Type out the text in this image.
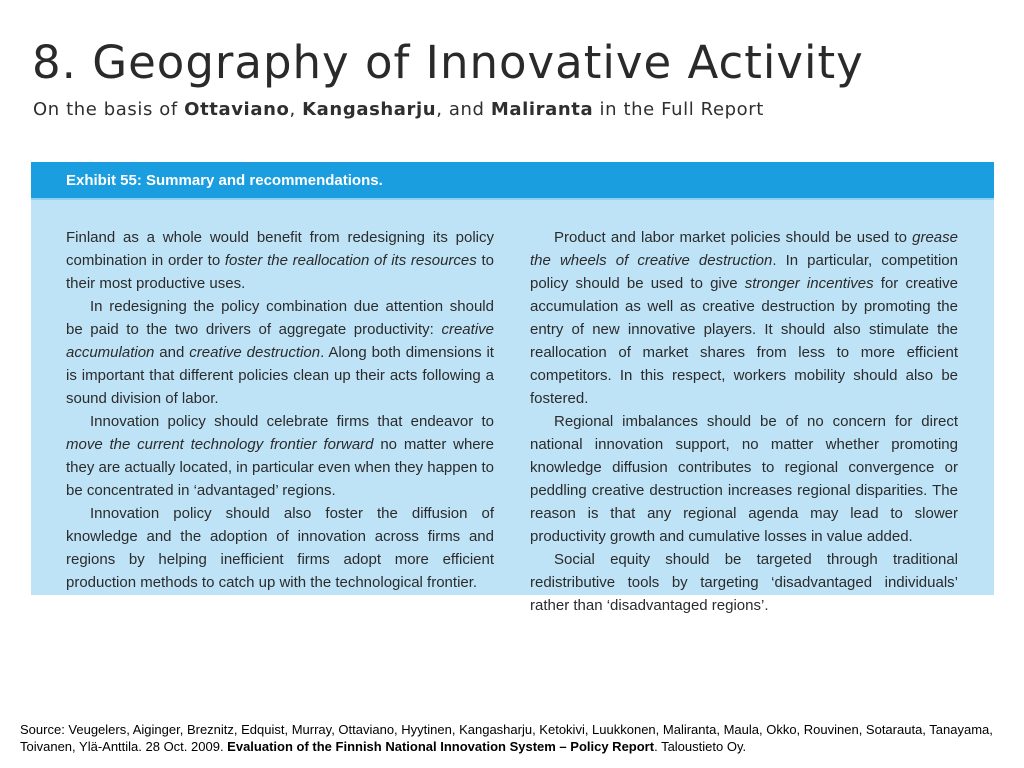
8. Geography of Innovative Activity
On the basis of Ottaviano, Kangasharju, and Maliranta in the Full Report
Exhibit 55: Summary and recommendations.

Finland as a whole would benefit from redesigning its policy combination in order to foster the reallocation of its resources to their most productive uses.

In redesigning the policy combination due attention should be paid to the two drivers of aggregate productivity: creative accumulation and creative destruction. Along both dimensions it is important that different policies clean up their acts following a sound division of labor.

Innovation policy should celebrate firms that endeavor to move the current technology frontier forward no matter where they are actually located, in particular even when they happen to be concentrated in ‘advantaged’ regions.

Innovation policy should also foster the diffusion of knowledge and the adoption of innovation across firms and regions by helping inefficient firms adopt more efficient production methods to catch up with the technological frontier.

Product and labor market policies should be used to grease the wheels of creative destruction. In particular, competition policy should be used to give stronger incentives for creative accumulation as well as creative destruction by promoting the entry of new innovative players. It should also stimulate the reallocation of market shares from less to more efficient competitors. In this respect, workers mobility should also be fostered.

Regional imbalances should be of no concern for direct national innovation support, no matter whether promoting knowledge diffusion contributes to regional convergence or peddling creative destruction increases regional disparities. The reason is that any regional agenda may lead to slower productivity growth and cumulative losses in value added.

Social equity should be targeted through traditional redistributive tools by targeting ‘disadvantaged individuals’ rather than ‘disadvantaged regions’.

Source: Veugelers, Aiginger, Breznitz, Edquist, Murray, Ottaviano, Hyytinen, Kangasharju, Ketokivi, Luukkonen, Maliranta, Maula, Okko, Rouvinen, Sotarauta, Tanayama, Toivanen, Ylä-Anttila. 28 Oct. 2009. Evaluation of the Finnish National Innovation System – Policy Report. Taloustieto Oy.
